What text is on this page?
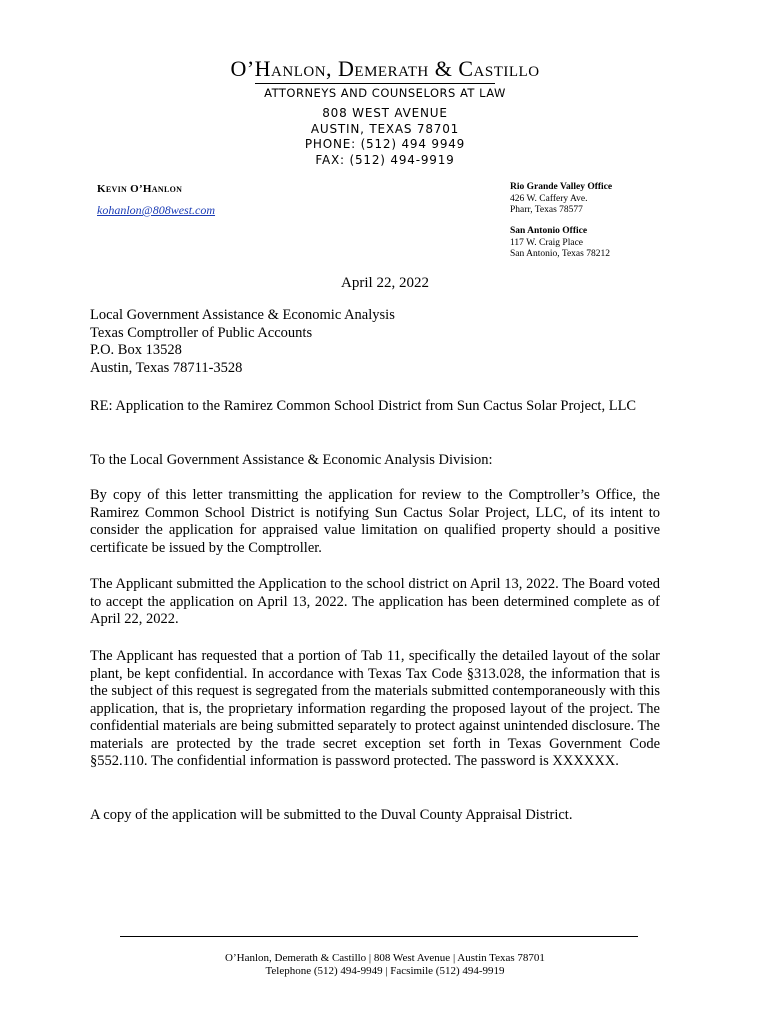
O’Hanlon, Demerath & Castillo
ATTORNEYS AND COUNSELORS AT LAW
808 WEST AVENUE
AUSTIN, TEXAS 78701
PHONE: (512) 494 9949
FAX: (512) 494-9919
Kevin O’Hanlon
kohanlon@808west.com
Rio Grande Valley Office
426 W. Caffery Ave.
Pharr, Texas 78577
San Antonio Office
117 W. Craig Place
San Antonio, Texas 78212
April 22, 2022
Local Government Assistance & Economic Analysis
Texas Comptroller of Public Accounts
P.O. Box 13528
Austin, Texas 78711-3528
RE: Application to the Ramirez Common School District from Sun Cactus Solar Project, LLC
To the Local Government Assistance & Economic Analysis Division:
By copy of this letter transmitting the application for review to the Comptroller’s Office, the Ramirez Common School District is notifying Sun Cactus Solar Project, LLC, of its intent to consider the application for appraised value limitation on qualified property should a positive certificate be issued by the Comptroller.
The Applicant submitted the Application to the school district on April 13, 2022. The Board voted to accept the application on April 13, 2022. The application has been determined complete as of April 22, 2022.
The Applicant has requested that a portion of Tab 11, specifically the detailed layout of the solar plant, be kept confidential. In accordance with Texas Tax Code §313.028, the information that is the subject of this request is segregated from the materials submitted contemporaneously with this application, that is, the proprietary information regarding the proposed layout of the project. The confidential materials are being submitted separately to protect against unintended disclosure. The materials are protected by the trade secret exception set forth in Texas Government Code §552.110. The confidential information is password protected. The password is XXXXXX.
A copy of the application will be submitted to the Duval County Appraisal District.
O’Hanlon, Demerath & Castillo | 808 West Avenue | Austin Texas 78701
Telephone (512) 494-9949 | Facsimile (512) 494-9919
